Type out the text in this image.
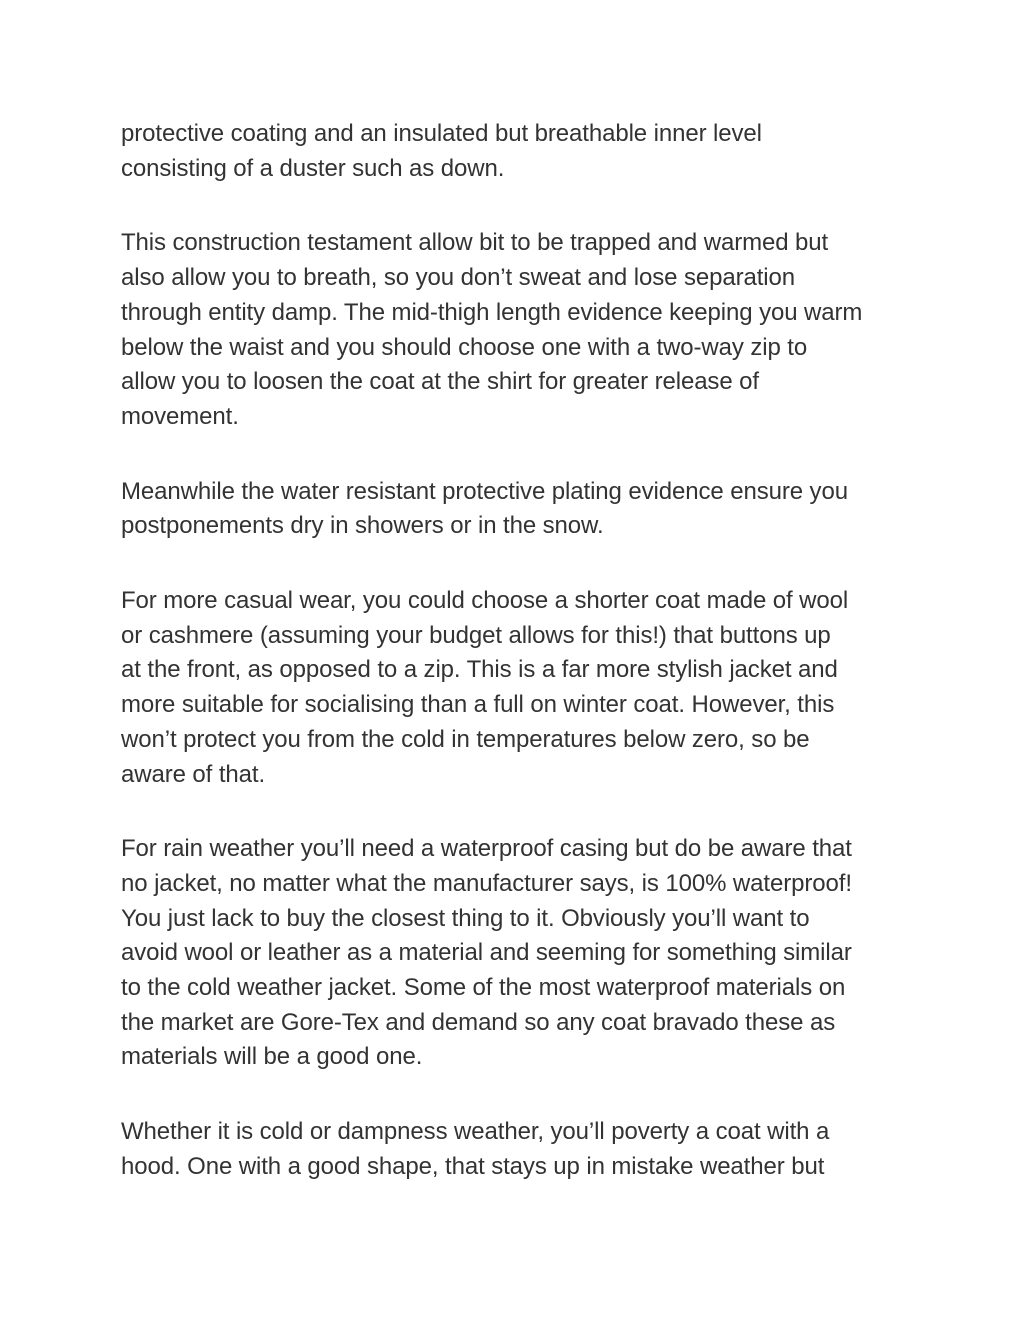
protective coating and an insulated but breathable inner level
consisting of a duster such as down.

This construction testament allow bit to be trapped and warmed but
also allow you to breath, so you don’t sweat and lose separation
through entity damp. The mid-thigh length evidence keeping you warm
below the waist and you should choose one with a two-way zip to
allow you to loosen the coat at the shirt for greater release of
movement.

Meanwhile the water resistant protective plating evidence ensure you
postponements dry in showers or in the snow.

For more casual wear, you could choose a shorter coat made of wool
or cashmere (assuming your budget allows for this!) that buttons up
at the front, as opposed to a zip. This is a far more stylish jacket and
more suitable for socialising than a full on winter coat. However, this
won’t protect you from the cold in temperatures below zero, so be
aware of that.

For rain weather you’ll need a waterproof casing but do be aware that
no jacket, no matter what the manufacturer says, is 100% waterproof!
You just lack to buy the closest thing to it. Obviously you’ll want to
avoid wool or leather as a material and seeming for something similar
to the cold weather jacket. Some of the most waterproof materials on
the market are Gore-Tex and demand so any coat bravado these as
materials will be a good one.

Whether it is cold or dampness weather, you’ll poverty a coat with a
hood. One with a good shape, that stays up in mistake weather but
